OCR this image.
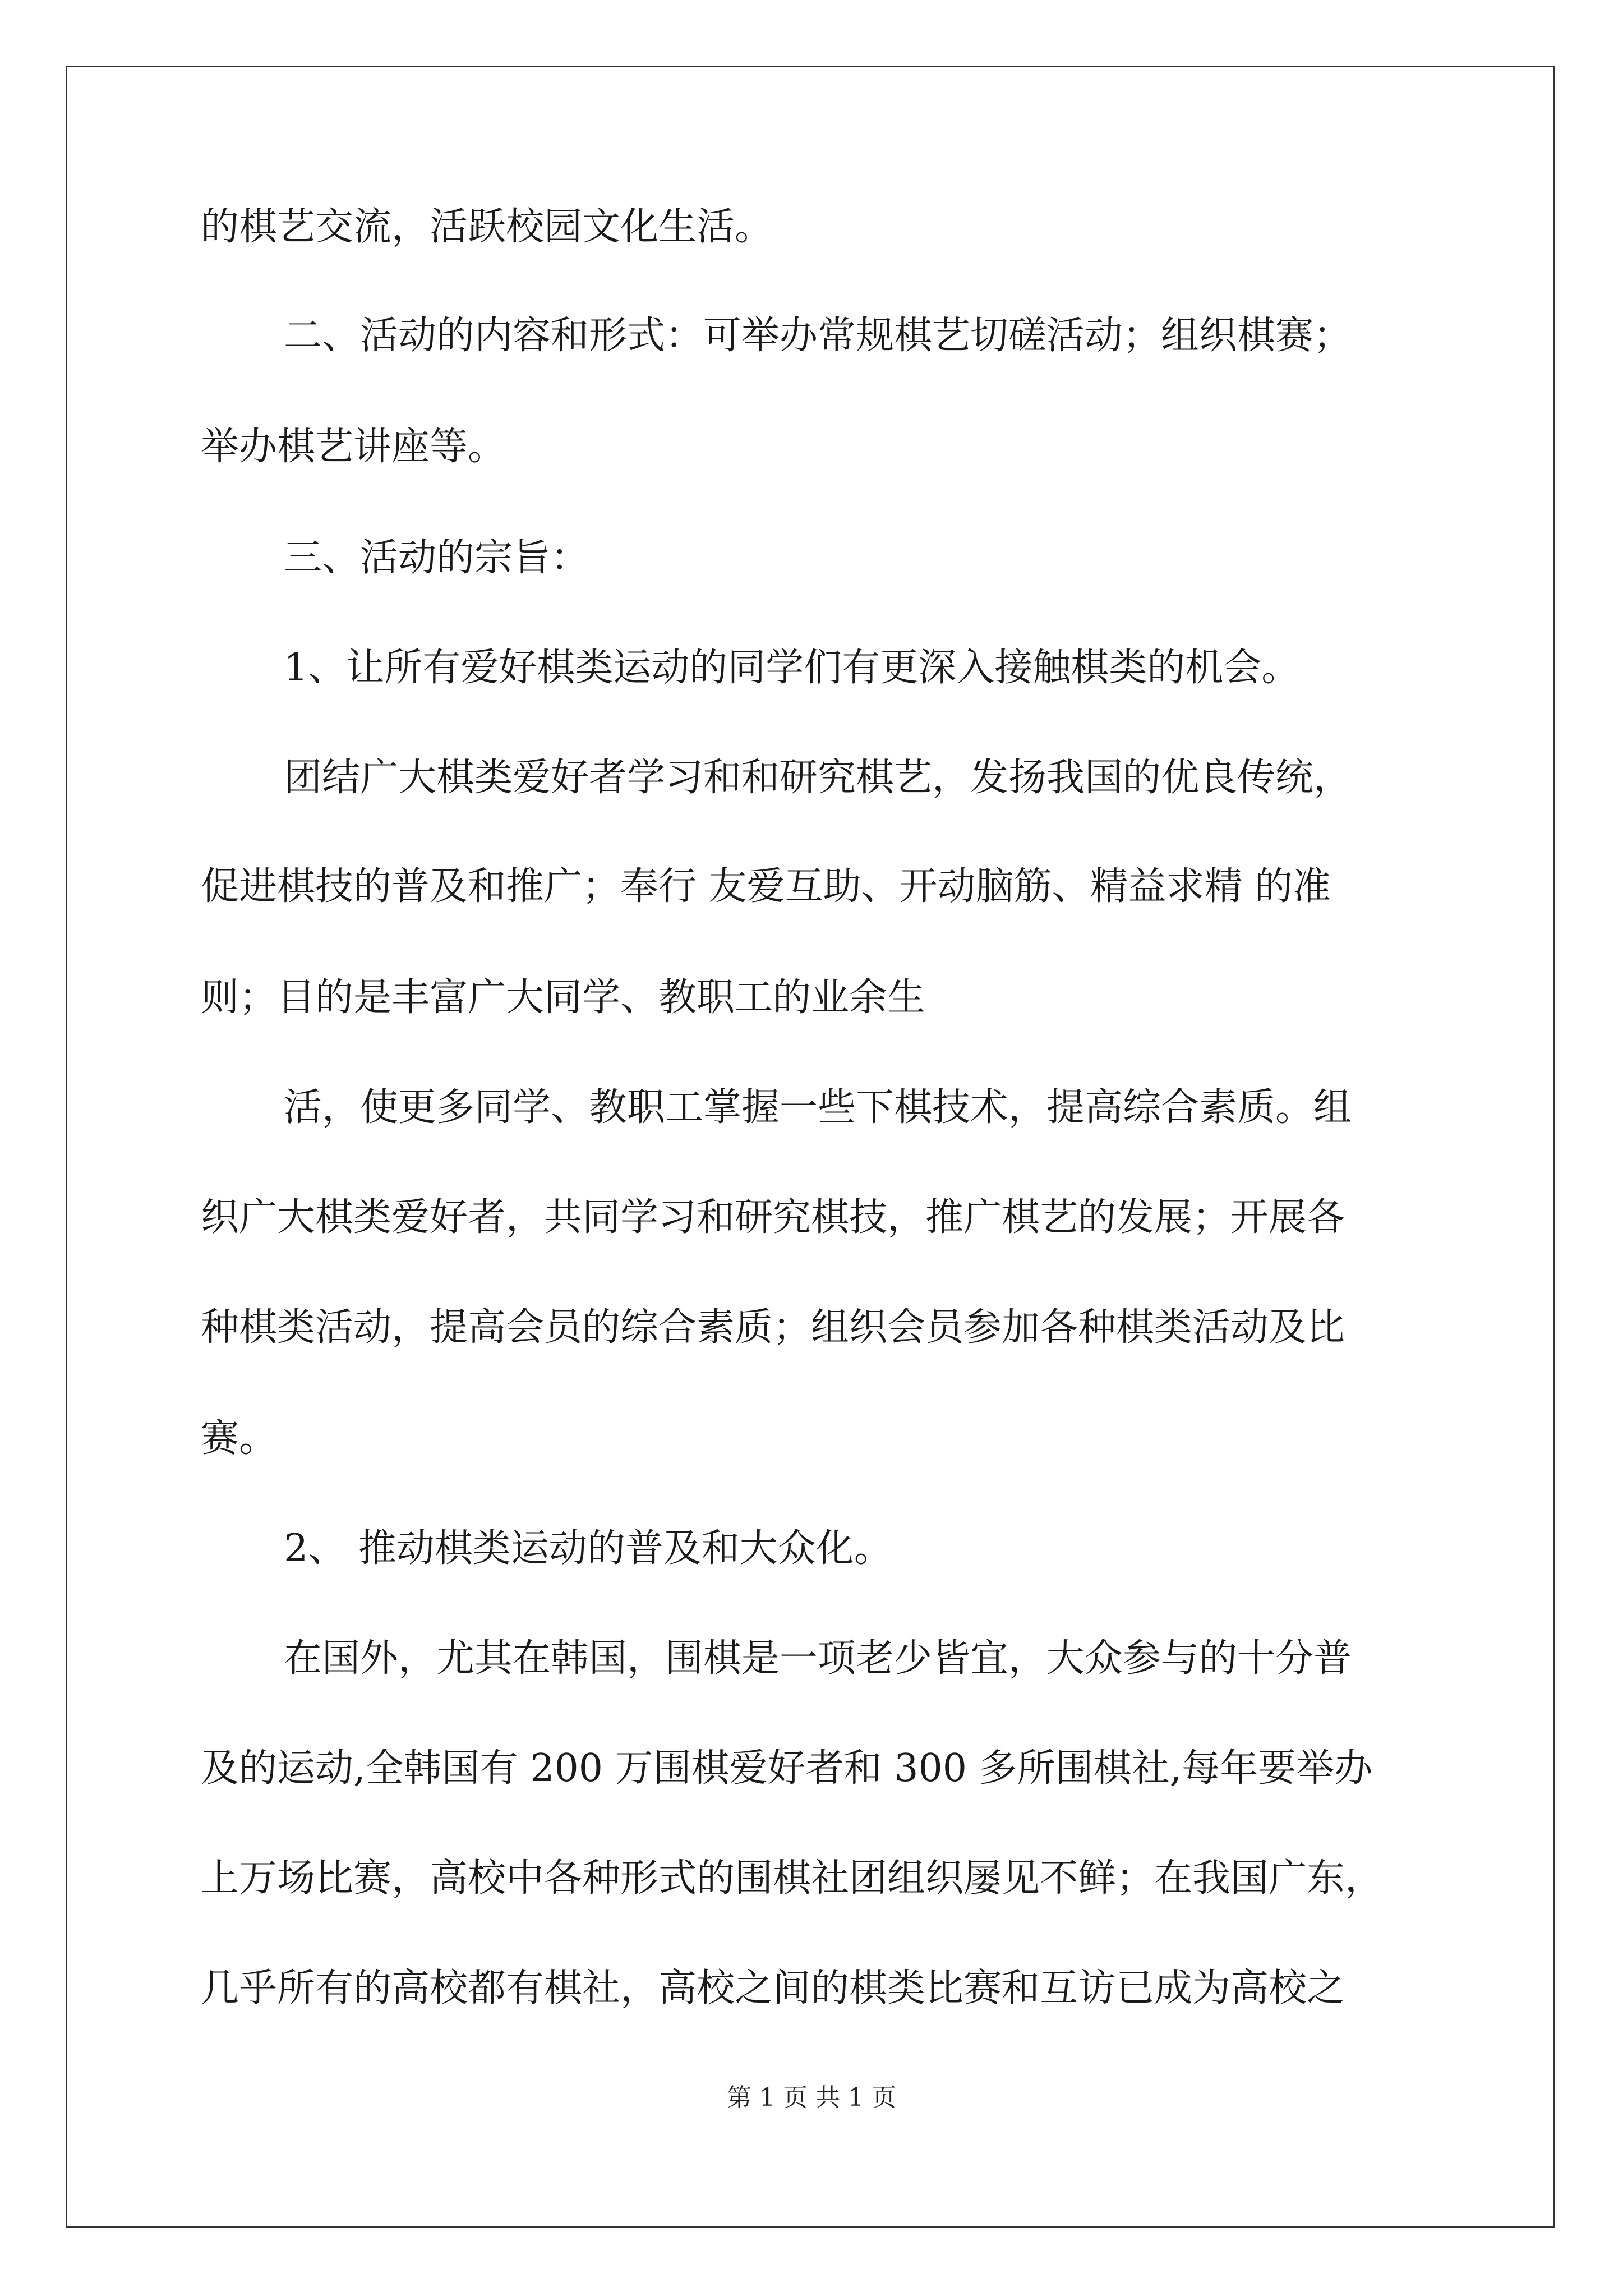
的棋艺交流，活跃校园文化生活。
二、活动的内容和形式：可举办常规棋艺切磋活动；组织棋赛；
举办棋艺讲座等。
三、活动的宗旨：
1、让所有爱好棋类运动的同学们有更深入接触棋类的机会。
团结广大棋类爱好者学习和和研究棋艺，发扬我国的优良传统，
促进棋技的普及和推广；奉行 友爱互助、开动脑筋、精益求精 的准
则；目的是丰富广大同学、教职工的业余生
活，使更多同学、教职工掌握一些下棋技术，提高综合素质。组
织广大棋类爱好者，共同学习和研究棋技，推广棋艺的发展；开展各
种棋类活动，提高会员的综合素质；组织会员参加各种棋类活动及比
赛。
2、 推动棋类运动的普及和大众化。
在国外，尤其在韩国，围棋是一项老少皆宜，大众参与的十分普
及的运动,全韩国有 200 万围棋爱好者和 300 多所围棋社,每年要举办
上万场比赛，高校中各种形式的围棋社团组织屡见不鲜；在我国广东，
几乎所有的高校都有棋社，高校之间的棋类比赛和互访已成为高校之
第 1 页 共 1 页
